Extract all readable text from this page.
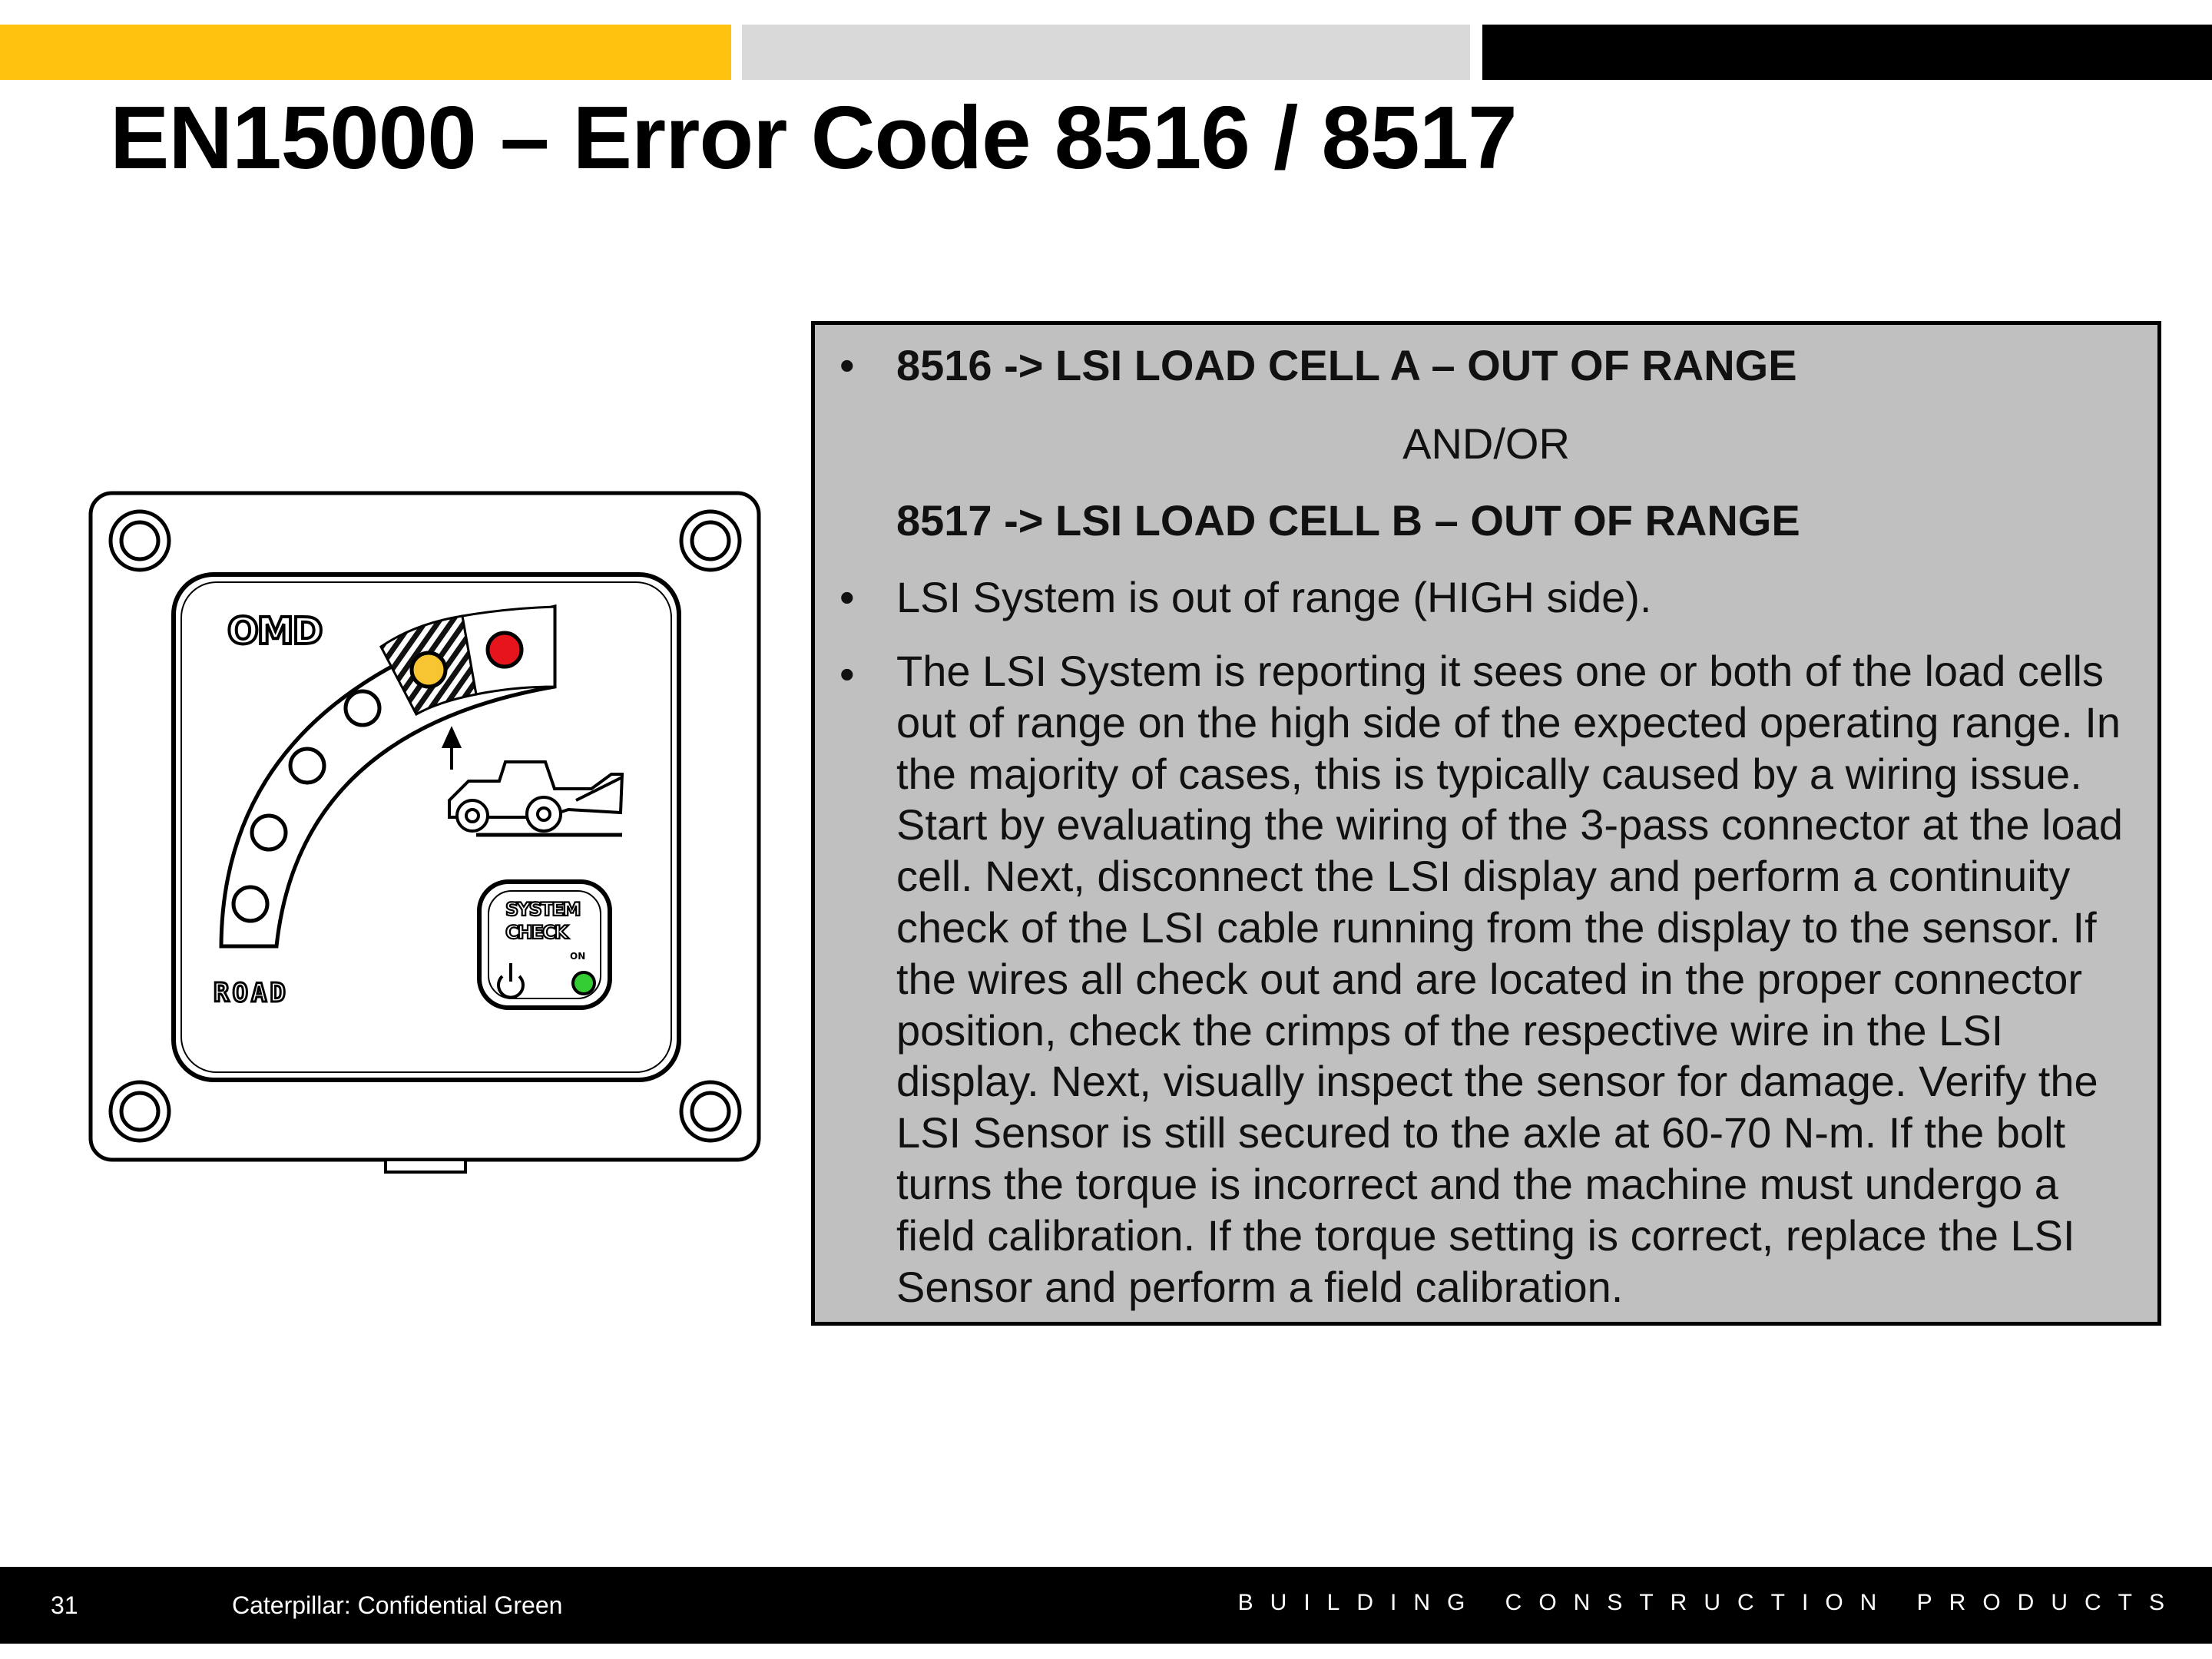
EN15000 – Error Code 8516 / 8517
OMD
SYSTEM
CHECK
ON
ROAD
• 8516 -> LSI LOAD CELL A – OUT OF RANGE
AND/OR
8517 -> LSI LOAD CELL B – OUT OF RANGE
• LSI System is out of range (HIGH side).
• The LSI System is reporting it sees one or both of the load cells
out of range on the high side of the expected operating range. In
the majority of cases, this is typically caused by a wiring issue.
Start by evaluating the wiring of the 3-pass connector at the load
cell. Next, disconnect the LSI display and perform a continuity
check of the LSI cable running from the display to the sensor. If
the wires all check out and are located in the proper connector
position, check the crimps of the respective wire in the LSI
display. Next, visually inspect the sensor for damage. Verify the
LSI Sensor is still secured to the axle at 60-70 N-m. If the bolt
turns the torque is incorrect and the machine must undergo a
field calibration. If the torque setting is correct, replace the LSI
Sensor and perform a field calibration.
31	Caterpillar: Confidential Green	BUILDING CONSTRUCTION PRODUCTS
